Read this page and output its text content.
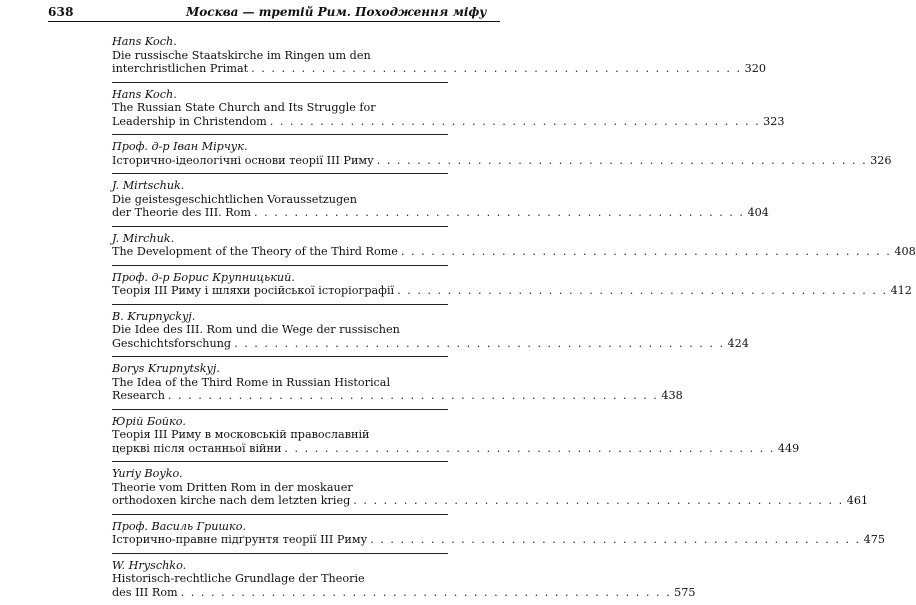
638	Москва — третій Рим. Походження міфу
Hans Koch.
Die russische Staatskirche im Ringen um den
interchristlichen Primat . . . . . . . . . . . . . . . . . . . . . . . . . . . . . . . . . . . . . . . . . . . . . . . . . 320
Hans Koch.
The Russian State Church and Its Struggle for
Leadership in Christendom . . . . . . . . . . . . . . . . . . . . . . . . . . . . . . . . . . . . . . . . . . . . . . . . . 323
Проф. д-р Іван Мірчук.
Історично-ідеологічні основи теорії ІІІ Риму . . . . . . . . . . . . . . . . . . . . . . . . . . . . . . . . . . . . . . . . . . . . . . . . . 326
J. Mirtschuk.
Die geistesgeschichtlichen Voraussetzugen
der Theorie des III. Rom . . . . . . . . . . . . . . . . . . . . . . . . . . . . . . . . . . . . . . . . . . . . . . . . . 404
J. Mirchuk.
The Development of the Theory of the Third Rome . . . . . . . . . . . . . . . . . . . . . . . . . . . . . . . . . . . . . . . . . . . . . . . . . 408
Проф. д-р Борис Крупницький.
Теорія ІІІ Риму і шляхи російської історіографії . . . . . . . . . . . . . . . . . . . . . . . . . . . . . . . . . . . . . . . . . . . . . . . . . 412
B. Krupnyckyj.
Die Idee des III. Rom und die Wege der russischen
Geschichtsforschung . . . . . . . . . . . . . . . . . . . . . . . . . . . . . . . . . . . . . . . . . . . . . . . . . 424
Borys Krupnytskyj.
The Idea of the Third Rome in Russian Historical
Research . . . . . . . . . . . . . . . . . . . . . . . . . . . . . . . . . . . . . . . . . . . . . . . . . 438
Юрій Бойко.
Теорія ІІІ Риму в московській православній
церкві після останньої війни . . . . . . . . . . . . . . . . . . . . . . . . . . . . . . . . . . . . . . . . . . . . . . . . . 449
Yuriy Boyko.
Theorie vom Dritten Rom in der moskauer
orthodoxen kirche nach dem letzten krieg . . . . . . . . . . . . . . . . . . . . . . . . . . . . . . . . . . . . . . . . . . . . . . . . . 461
Проф. Василь Гришко.
Історично-правне підґрунтя теорії ІІІ Риму . . . . . . . . . . . . . . . . . . . . . . . . . . . . . . . . . . . . . . . . . . . . . . . . . 475
W. Hryschko.
Historisch-rechtliche Grundlage der Theorie
des III Rom . . . . . . . . . . . . . . . . . . . . . . . . . . . . . . . . . . . . . . . . . . . . . . . . . 575
